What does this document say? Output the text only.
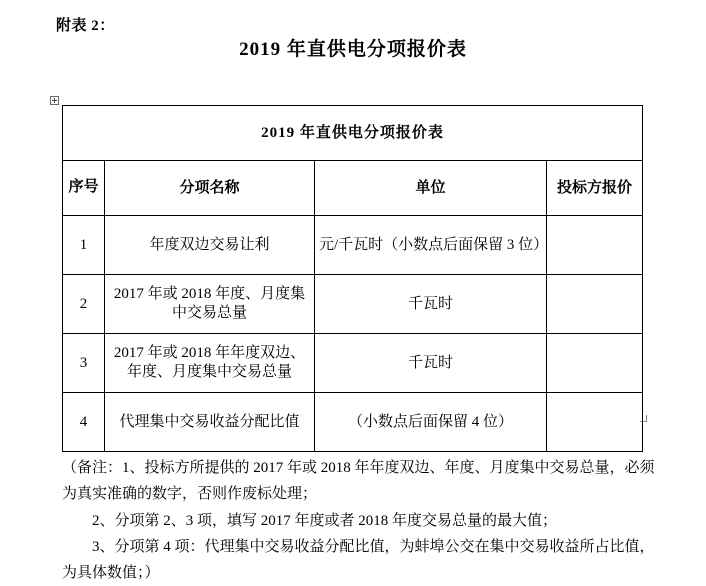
附表 2：
2019 年直供电分项报价表
2019 年直供电分项报价表			
序号	分项名称	单位	投标方报价
1	年度双边交易让利	元/千瓦时（小数点后面保留 3 位）	
2	2017 年或 2018 年度、月度集中交易总量	千瓦时	
3	2017 年或 2018 年年度双边、年度、月度集中交易总量	千瓦时	
4	代理集中交易收益分配比值	（小数点后面保留 4 位）	

（备注：1、投标方所提供的 2017 年或 2018 年年度双边、年度、月度集中交易总量，必须为真实准确的数字，否则作废标处理；

2、分项第 2、3 项，填写 2017 年度或者 2018 年度交易总量的最大值；

3、分项第 4 项：代理集中交易收益分配比值，为蚌埠公交在集中交易收益所占比值，为具体数值；）
